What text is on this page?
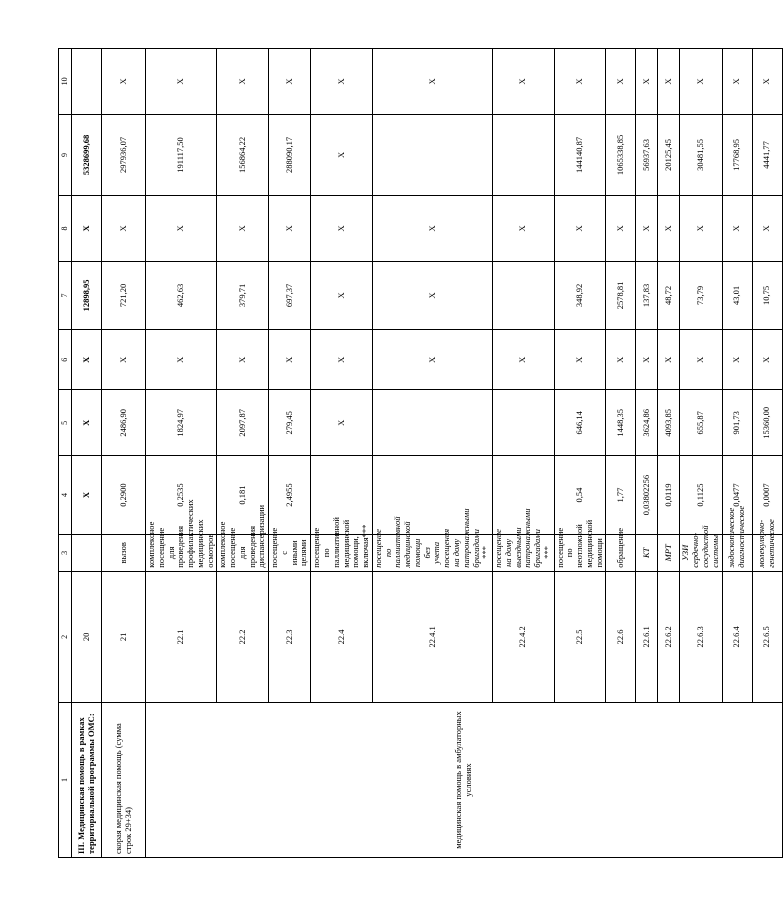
1	2	3	4	5	6	7	8	9	10
III. Медицинская помощь в рамках территориальной программы ОМС:	20		X	X	X	12898,95	X	5328699,68	
скорая медицинская помощь (сумма строк 29+34)	21	вызов	0,2900	2486,90	X	721,20	X	297936,07	X
медицинская помощь в амбулаторных условиях	22.1	комплексное посещение для проведения профилактических медицинских осмотров	0,2535	1824,97	X	462,63	X	191117,50	X
	22.2	комплексное посещение для проведения диспансеризации	0,181	2097,87	X	379,71	X	156864,22	X
	22.3	посещение с иными целями	2,4955	279,45	X	697,37	X	288090,17	X
	22.4	посещение по паллиативной медицинской помощи, включая***		X	X	X	X	X	X
	22.4.1	посещение по паллиативной медицинской помощи без учета посещения на дому патронажными бригадами ***			X	X	X		X
	22.4.2	посещение на дому выездными патронажными бригадами ***			X		X		X
	22.5	посещение по неотложной медицинской помощи	0,54	646,14	X	348,92	X	144140,87	X
	22.6	обращение	1,77	1448,35	X	2578,81	X	1065338,85	X
	22.6.1	КТ	0,03802256	3624,86	X	137,83	X	56937,63	X
	22.6.2	МРТ	0,0119	4093,85	X	48,72	X	20125,45	X
	22.6.3	УЗИ сердечно-сосудистой системы	0,1125	655,87	X	73,79	X	30481,55	X
	22.6.4	эндоскопическое диагностическое	0,0477	901,73	X	43,01	X	17768,95	X
	22.6.5	молекулярно-генетическое	0,0007	15360,00	X	10,75	X	4441,77	X
